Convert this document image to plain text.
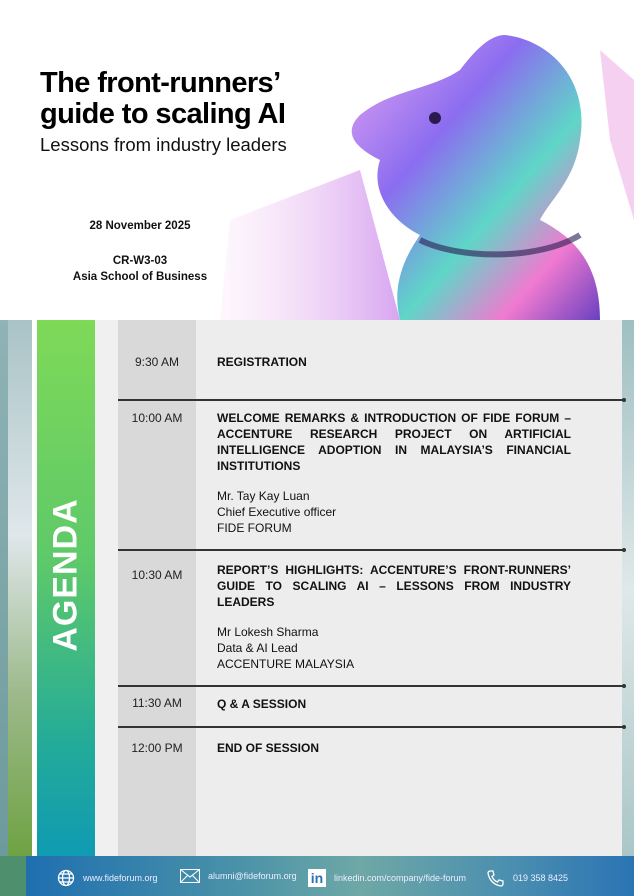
The front-runners’
guide to scaling AI
Lessons from industry leaders
28 November 2025
CR-W3-03
Asia School of Business
AGENDA
9:30 AM	REGISTRATION
10:00 AM	WELCOME REMARKS & INTRODUCTION OF FIDE FORUM – ACCENTURE RESEARCH PROJECT ON ARTIFICIAL INTELLIGENCE ADOPTION IN MALAYSIA’S FINANCIAL INSTITUTIONS
Mr. Tay Kay Luan
Chief Executive officer
FIDE FORUM
10:30 AM	REPORT’S HIGHLIGHTS: ACCENTURE’S FRONT-RUNNERS’ GUIDE TO SCALING AI – LESSONS FROM INDUSTRY LEADERS
Mr Lokesh Sharma
Data & AI Lead
ACCENTURE MALAYSIA
11:30 AM	Q & A SESSION
12:00 PM	END OF SESSION
www.fideforum.org	alumni@fideforum.org in	linkedin.com/company/fide-forum	019 358 8425
